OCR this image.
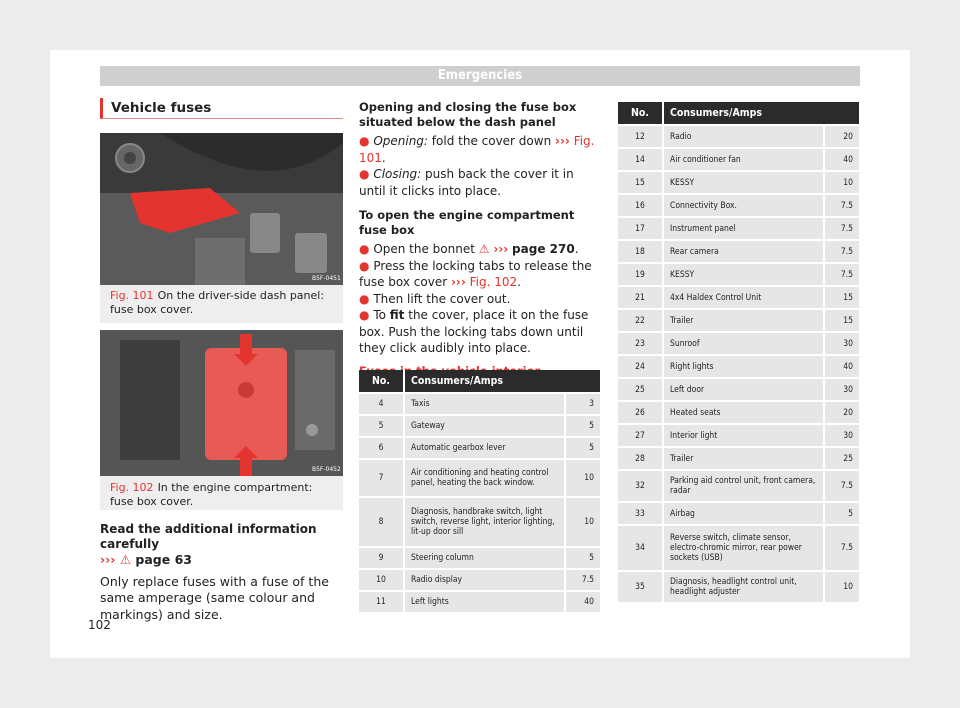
Emergencies
Vehicle fuses
B5F-0451
Fig. 101 On the driver-side dash panel: fuse box cover.
B5F-0452
Fig. 102 In the engine compartment: fuse box cover.
Read the additional information carefully
››› ⚠ page 63
Only replace fuses with a fuse of the same amperage (same colour and markings) and size.
Opening and closing the fuse box situated below the dash panel
● Opening: fold the cover down ››› Fig. 101.
● Closing: push back the cover it in until it clicks into place.
To open the engine compartment fuse box
● Open the bonnet ⚠ ››› page 270.
● Press the locking tabs to release the fuse box cover ››› Fig. 102.
● Then lift the cover out.
● To fit the cover, place it on the fuse box. Push the locking tabs down until they click audibly into place.
No.	Consumers/Amps	
4	Taxis	3
5	Gateway	5
6	Automatic gearbox lever	5
7	Air conditioning and heating control panel, heating the back window.	10
8	Diagnosis, handbrake switch, light switch, reverse light, interior lighting, lit-up door sill	10
9	Steering column	5
10	Radio display	7.5
11	Left lights	40
No.	Consumers/Amps	
12	Radio	20
14	Air conditioner fan	40
15	KESSY	10
16	Connectivity Box.	7.5
17	Instrument panel	7.5
18	Rear camera	7.5
19	KESSY	7.5
21	4x4 Haldex Control Unit	15
22	Trailer	15
23	Sunroof	30
24	Right lights	40
25	Left door	30
26	Heated seats	20
27	Interior light	30
28	Trailer	25
32	Parking aid control unit, front camera, radar	7.5
33	Airbag	5
34	Reverse switch, climate sensor, electro-chromic mirror, rear power sockets (USB)	7.5
35	Diagnosis, headlight control unit, headlight adjuster	10
102
